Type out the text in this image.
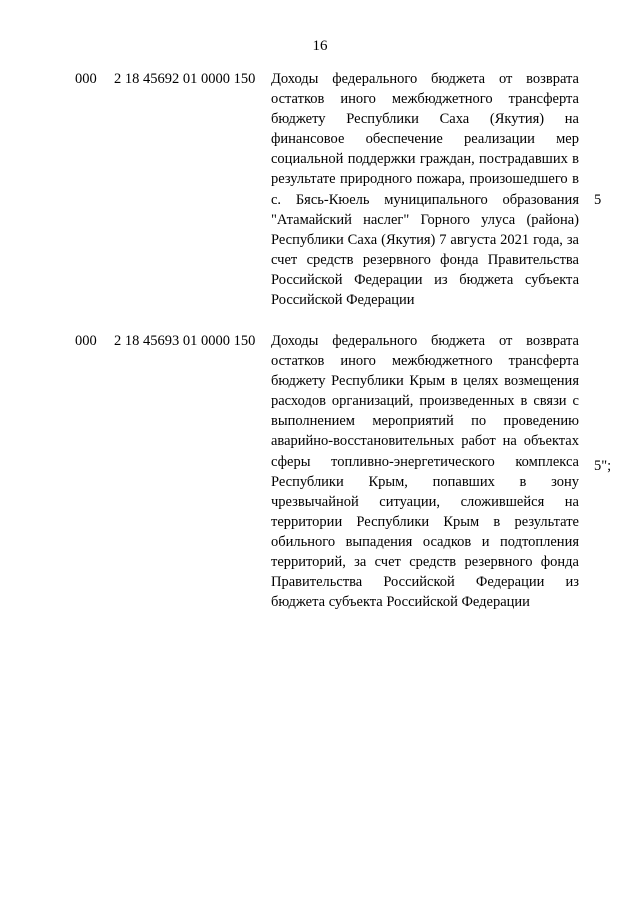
16
000 2 18 45692 01 0000 150 Доходы федерального бюджета от возврата остатков иного межбюджетного трансферта бюджету Республики Саха (Якутия) на финансовое обеспечение реализации мер социальной поддержки граждан, пострадавших в результате природного пожара, произошедшего в с. Бясь-Кюель муниципального образования "Атамайский наслег" Горного улуса (района) Республики Саха (Якутия) 7 августа 2021 года, за счет средств резервного фонда Правительства Российской Федерации из бюджета субъекта Российской Федерации
5
000 2 18 45693 01 0000 150 Доходы федерального бюджета от возврата остатков иного межбюджетного трансферта бюджету Республики Крым в целях возмещения расходов организаций, произведенных в связи с выполнением мероприятий по проведению аварийно-восстановительных работ на объектах сферы топливно-энергетического комплекса Республики Крым, попавших в зону чрезвычайной ситуации, сложившейся на территории Республики Крым в результате обильного выпадения осадков и подтопления территорий, за счет средств резервного фонда Правительства Российской Федерации из бюджета субъекта Российской Федерации
5";
